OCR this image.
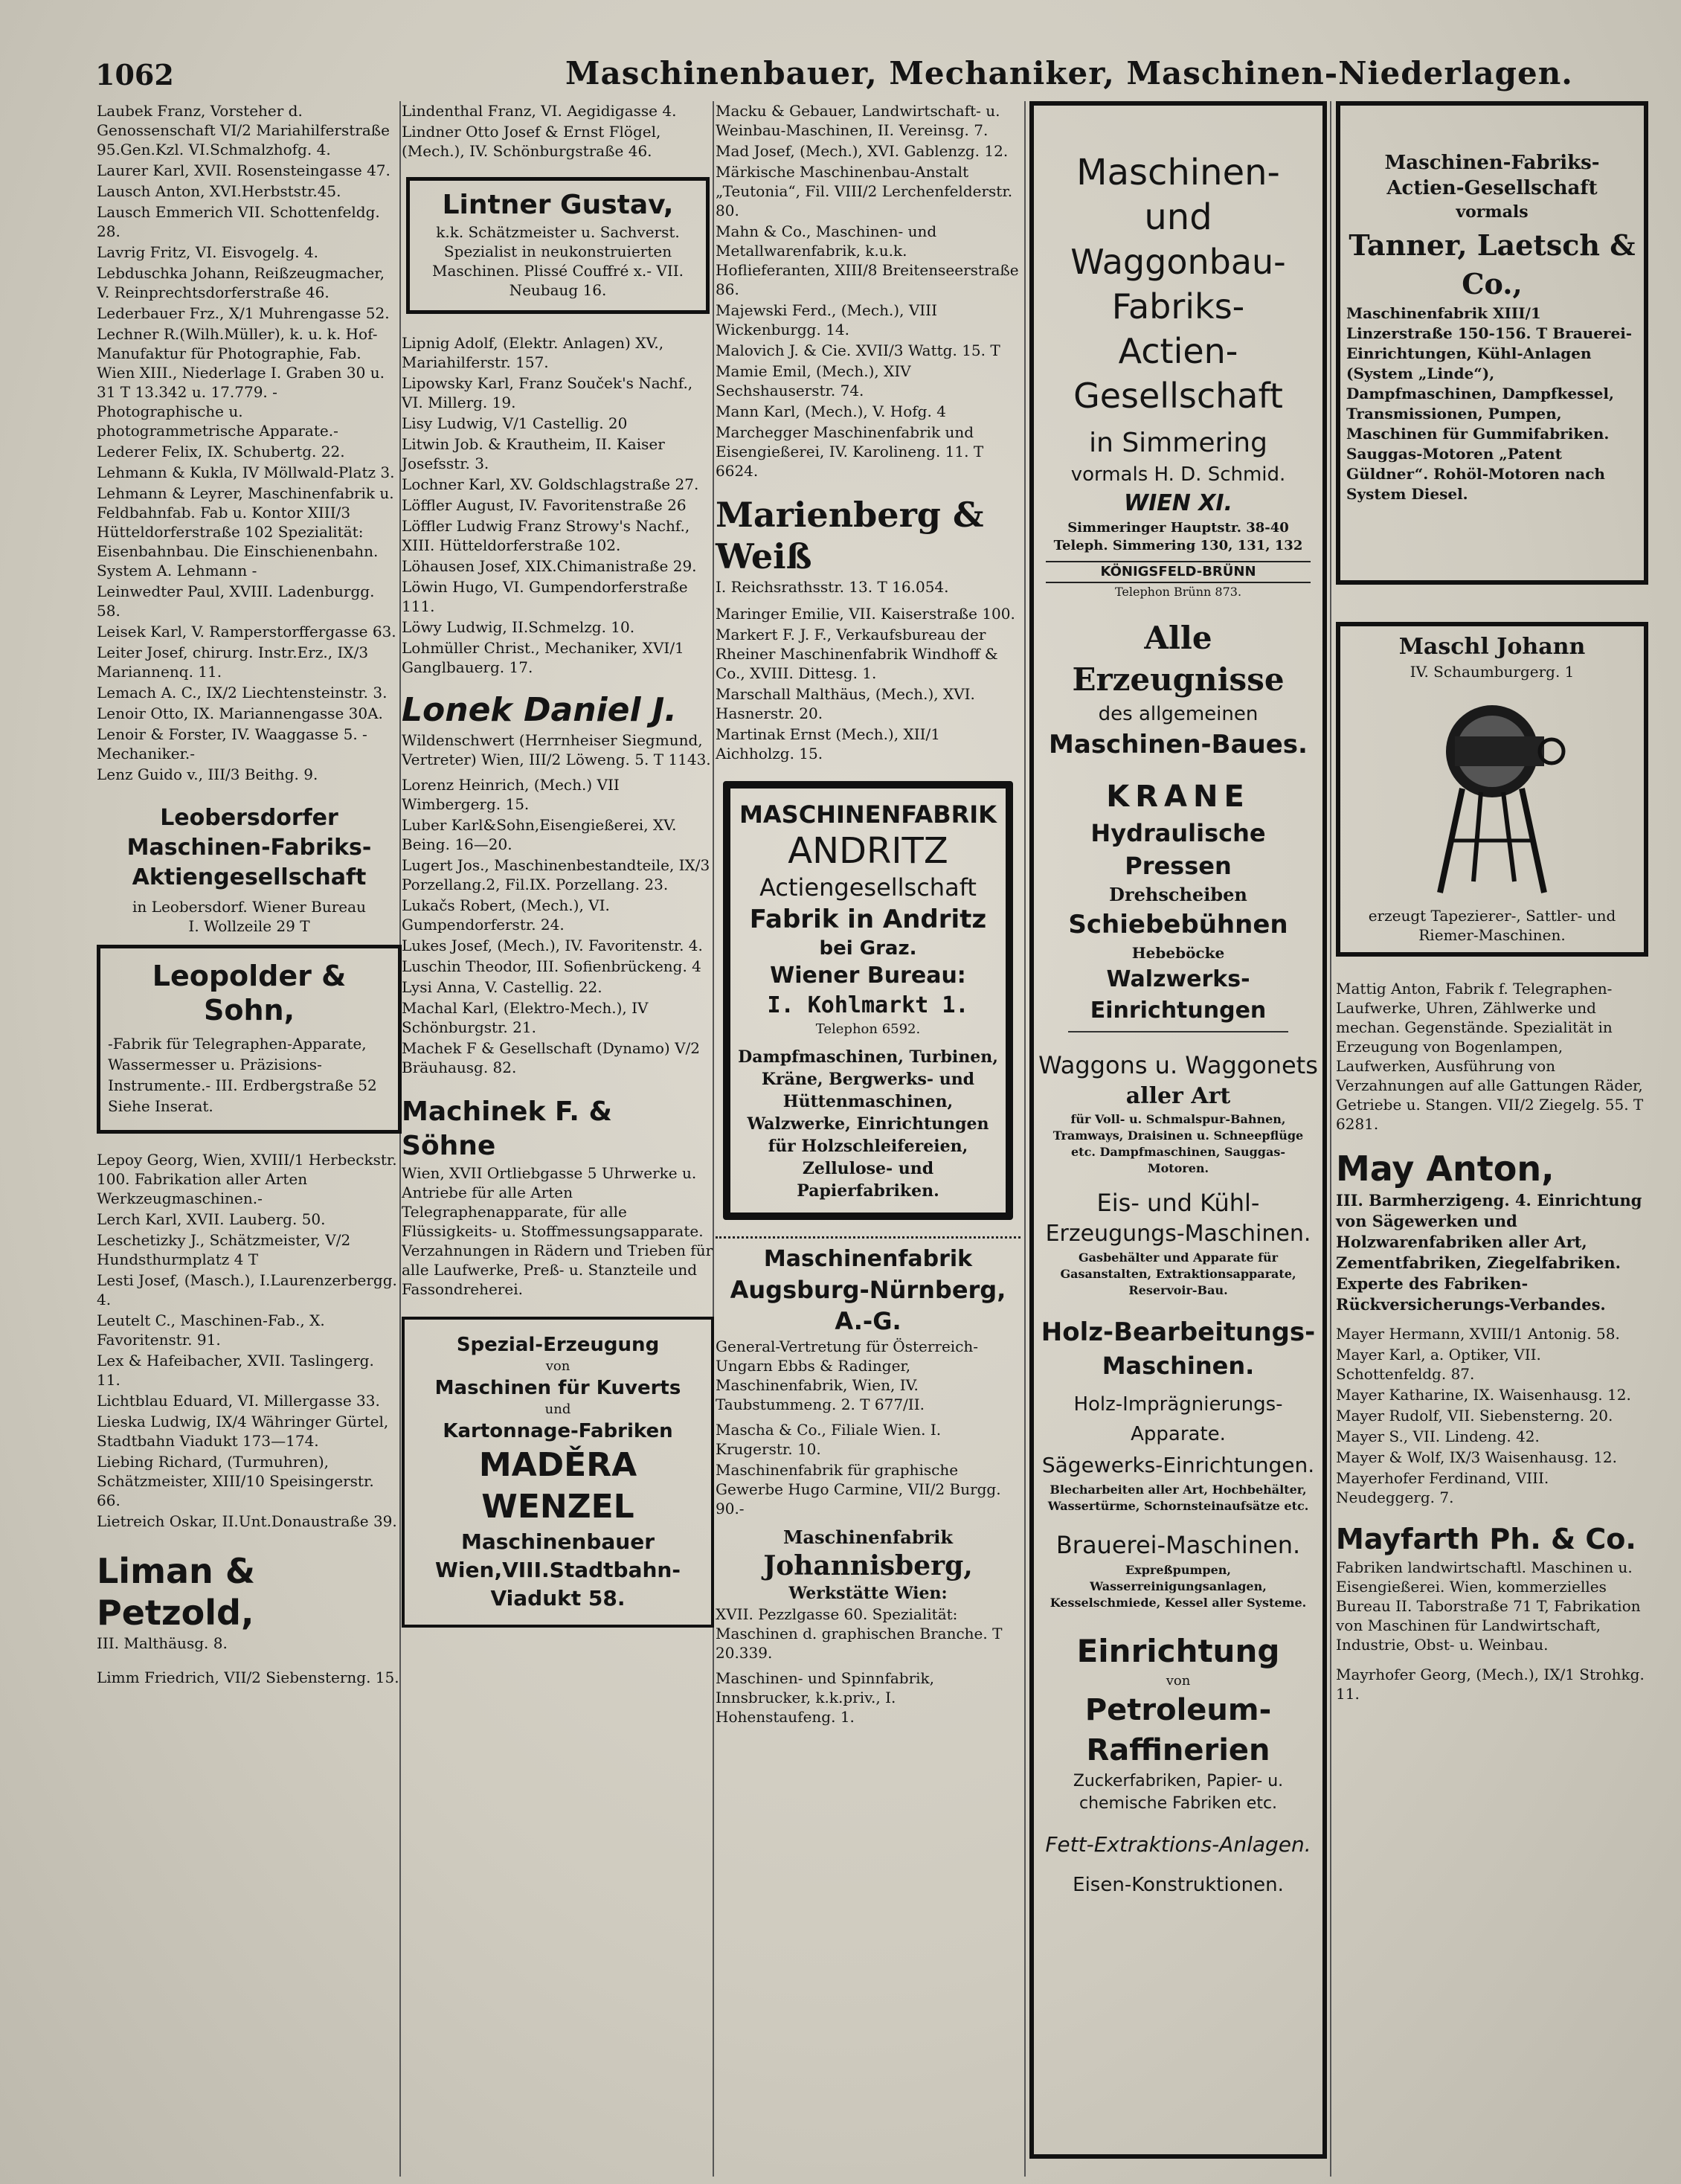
1062	Maschinenbauer, Mechaniker, Maschinen-Niederlagen.
Laubek Franz, Vorsteher d. Genossenschaft VI/2 Mariahilferstraße 95.Gen.Kzl. VI.Schmalzhofg. 4.
Laurer Karl, XVII. Rosensteingasse 47.
Lausch Anton, XVI.Herbststr.45.
Lausch Emmerich VII. Schottenfeldg. 28.
Lavrig Fritz, VI. Eisvogelg. 4.
Lebduschka Johann, Reißzeugmacher, V. Reinprechtsdorferstraße 46.
Lederbauer Frz., X/1 Muhrengasse 52.
Lechner R.(Wilh.Müller), k. u. k. Hof-Manufaktur für Photographie, Fab. Wien XIII., Niederlage I. Graben 30 u. 31 T 13.342 u. 17.779. -Photographische u. photogrammetrische Apparate.-
Lederer Felix, IX. Schubertg. 22.
Lehmann & Kukla, IV Möllwald-Platz 3.
Lehmann & Leyrer, Maschinenfabrik u. Feldbahnfab. Fab u. Kontor XIII/3 Hütteldorferstraße 102 Spezialität: Eisenbahnbau. Die Einschienenbahn. System A. Lehmann -
Leinwedter Paul, XVIII. Ladenburgg. 58.
Leisek Karl, V. Ramperstorffergasse 63.
Leiter Josef, chirurg. Instr.Erz., IX/3 Mariannenq. 11.
Lemach A. C., IX/2 Liechtensteinstr. 3.
Lenoir Otto, IX. Mariannengasse 30A.
Lenoir & Forster, IV. Waaggasse 5. -Mechaniker.-
Lenz Guido v., III/3 Beithg. 9.
Leobersdorfer
Maschinen-Fabriks-
Aktiengesellschaft
in Leobersdorf. Wiener Bureau
I. Wollzeile 29 T
Leopolder & Sohn,
-Fabrik für Telegraphen-Apparate, Wassermesser u. Präzisions-Instrumente.- III. Erdbergstraße 52 Siehe Inserat.
Lepoy Georg, Wien, XVIII/1 Herbeckstr. 100. Fabrikation aller Arten Werkzeugmaschinen.-
Lerch Karl, XVII. Lauberg. 50.
Leschetizky J., Schätzmeister, V/2 Hundsthurmplatz 4 T
Lesti Josef, (Masch.), I.Laurenzerbergg. 4.
Leutelt C., Maschinen-Fab., X. Favoritenstr. 91.
Lex & Hafeibacher, XVII. Taslingerg. 11.
Lichtblau Eduard, VI. Millergasse 33.
Lieska Ludwig, IX/4 Währinger Gürtel, Stadtbahn Viadukt 173—174.
Liebing Richard, (Turmuhren), Schätzmeister, XIII/10 Speisingerstr. 66.
Lietreich Oskar, II.Unt.Donaustraße 39.
Liman & Petzold,
III. Malthäusg. 8.
Limm Friedrich, VII/2 Siebensterng. 15.
Lindenthal Franz, VI. Aegidigasse 4.
Lindner Otto Josef & Ernst Flögel,(Mech.), IV. Schönburgstraße 46.
Lintner Gustav,
k.k. Schätzmeister u. Sachverst. Spezialist in neukonstruierten Maschinen. Plissé Couffré x.- VII. Neubaug 16.
Lipnig Adolf, (Elektr. Anlagen) XV., Mariahilferstr. 157.
Lipowsky Karl, Franz Souček's Nachf., VI. Millerg. 19.
Lisy Ludwig, V/1 Castellig. 20
Litwin Job. & Krautheim, II. Kaiser Josefsstr. 3.
Lochner Karl, XV. Goldschlagstraße 27.
Löffler August, IV. Favoritenstraße 26
Löffler Ludwig Franz Strowy's Nachf., XIII. Hütteldorferstraße 102.
Löhausen Josef, XIX.Chimanistraße 29.
Löwin Hugo, VI. Gumpendorferstraße 111.
Löwy Ludwig, II.Schmelzg. 10.
Lohmüller Christ., Mechaniker, XVI/1 Ganglbauerg. 17.
Lonek Daniel J.
Wildenschwert (Herrnheiser Siegmund, Vertreter) Wien, III/2 Löweng. 5. T 1143.
Lorenz Heinrich, (Mech.) VII Wimbergerg. 15.
Luber Karl&Sohn,Eisengießerei, XV. Being. 16—20.
Lugert Jos., Maschinenbestandteile, IX/3 Porzellang.2, Fil.IX. Porzellang. 23.
Lukačs Robert, (Mech.), VI. Gumpendorferstr. 24.
Lukes Josef, (Mech.), IV. Favoritenstr. 4.
Luschin Theodor, III. Sofienbrückeng. 4
Lysi Anna, V. Castellig. 22.
Machal Karl, (Elektro-Mech.), IV Schönburgstr. 21.
Machek F & Gesellschaft (Dynamo) V/2 Bräuhausg. 82.
Machinek F. & Söhne
Wien, XVII Ortliebgasse 5 Uhrwerke u. Antriebe für alle Arten Telegraphenapparate, für alle Flüssigkeits- u. Stoffmessungsapparate. Verzahnungen in Rädern und Trieben für alle Laufwerke, Preß- u. Stanzteile und Fassondreherei.
Spezial-Erzeugung
von
Maschinen für Kuverts
und
Kartonnage-Fabriken
MADĚRA WENZEL
Maschinenbauer
Wien,VIII.Stadtbahn-Viadukt 58.
Macku & Gebauer, Landwirtschaft- u. Weinbau-Maschinen, II. Vereinsg. 7.
Mad Josef, (Mech.), XVI. Gablenzg. 12.
Märkische Maschinenbau-Anstalt „Teutonia“, Fil. VIII/2 Lerchenfelderstr. 80.
Mahn & Co., Maschinen- und Metallwarenfabrik, k.u.k. Hoflieferanten, XIII/8 Breitenseerstraße 86.
Majewski Ferd., (Mech.), VIII Wickenburgg. 14.
Malovich J. & Cie. XVII/3 Wattg. 15. T
Mamie Emil, (Mech.), XIV Sechshauserstr. 74.
Mann Karl, (Mech.), V. Hofg. 4
Marchegger Maschinenfabrik und Eisengießerei, IV. Karolineng. 11. T 6624.
Marienberg & Weiß
I. Reichsrathsstr. 13. T 16.054.
Maringer Emilie, VII. Kaiserstraße 100.
Markert F. J. F., Verkaufsbureau der Rheiner Maschinenfabrik Windhoff & Co., XVIII. Dittesg. 1.
Marschall Malthäus, (Mech.), XVI. Hasnerstr. 20.
Martinak Ernst (Mech.), XII/1 Aichholzg. 15.
MASCHINENFABRIK
ANDRITZ
Actiengesellschaft
Fabrik in Andritz
bei Graz.
Wiener Bureau:
I. Kohlmarkt 1.
Telephon 6592.
Dampfmaschinen, Turbinen, Kräne, Bergwerks- und Hüttenmaschinen, Walzwerke, Einrichtungen für Holzschleifereien, Zellulose- und Papierfabriken.
Maschinenfabrik
Augsburg-Nürnberg, A.-G.
General-Vertretung für Österreich-Ungarn Ebbs & Radinger, Maschinenfabrik, Wien, IV. Taubstummeng. 2. T 677/II.
Mascha & Co., Filiale Wien. I. Krugerstr. 10.
Maschinenfabrik für graphische Gewerbe Hugo Carmine, VII/2 Burgg. 90.-
Maschinenfabrik
Johannisberg,
Werkstätte Wien:
XVII. Pezzlgasse 60. Spezialität: Maschinen d. graphischen Branche. T 20.339.
Maschinen- und Spinnfabrik, Innsbrucker, k.k.priv., I. Hohenstaufeng. 1.
Maschinen- und
Waggonbau-Fabriks-
Actien-Gesellschaft
in Simmering
vormals H. D. Schmid.
WIEN XI.
Simmeringer Hauptstr. 38-40
Teleph. Simmering 130, 131, 132
KÖNIGSFELD-BRÜNN
Telephon Brünn 873.
Alle Erzeugnisse
des allgemeinen
Maschinen-Baues.
KRANE
Hydraulische Pressen
Drehscheiben
Schiebebühnen
Hebeböcke
Walzwerks-Einrichtungen
Waggons u. Waggonets
aller Art
für Voll- u. Schmalspur-Bahnen, Tramways, Draisinen u. Schneepflüge etc. Dampfmaschinen, Sauggas-Motoren.
Eis- und Kühl-
Erzeugungs-Maschinen.
Gasbehälter und Apparate für Gasanstalten, Extraktionsapparate, Reservoir-Bau.
Holz-Bearbeitungs-
Maschinen.
Holz-Imprägnierungs-Apparate.
Sägewerks-Einrichtungen.
Blecharbeiten aller Art, Hochbehälter, Wassertürme, Schornsteinaufsätze etc.
Brauerei-Maschinen.
Expreßpumpen, Wasserreinigungsanlagen, Kesselschmiede, Kessel aller Systeme.
Einrichtung
von
Petroleum-Raffinerien
Zuckerfabriken, Papier- u. chemische Fabriken etc.
Fett-Extraktions-Anlagen.
Eisen-Konstruktionen.
Maschinen-Fabriks-
Actien-Gesellschaft
vormals
Tanner, Laetsch & Co.,
Maschinenfabrik XIII/1 Linzerstraße 150-156. T Brauerei-Einrichtungen, Kühl-Anlagen (System „Linde“), Dampfmaschinen, Dampfkessel, Transmissionen, Pumpen, Maschinen für Gummifabriken. Sauggas-Motoren „Patent Güldner“. Rohöl-Motoren nach System Diesel.
Maschl Johann
IV. Schaumburgerg. 1
erzeugt Tapezierer-, Sattler- und Riemer-Maschinen.
Mattig Anton, Fabrik f. Telegraphen-Laufwerke, Uhren, Zählwerke und mechan. Gegenstände. Spezialität in Erzeugung von Bogenlampen, Laufwerken, Ausführung von Verzahnungen auf alle Gattungen Räder, Getriebe u. Stangen. VII/2 Ziegelg. 55. T 6281.
May Anton,
III. Barmherzigeng. 4. Einrichtung von Sägewerken und Holzwarenfabriken aller Art, Zementfabriken, Ziegelfabriken. Experte des Fabriken-Rückversicherungs-Verbandes.
Mayer Hermann, XVIII/1 Antonig. 58.
Mayer Karl, a. Optiker, VII. Schottenfeldg. 87.
Mayer Katharine, IX. Waisenhausg. 12.
Mayer Rudolf, VII. Siebensterng. 20.
Mayer S., VII. Lindeng. 42.
Mayer & Wolf, IX/3 Waisenhausg. 12.
Mayerhofer Ferdinand, VIII. Neudeggerg. 7.
Mayfarth Ph. & Co.
Fabriken landwirtschaftl. Maschinen u. Eisengießerei. Wien, kommerzielles Bureau II. Taborstraße 71 T, Fabrikation von Maschinen für Landwirtschaft, Industrie, Obst- u. Weinbau.
Mayrhofer Georg, (Mech.), IX/1 Strohkg. 11.
